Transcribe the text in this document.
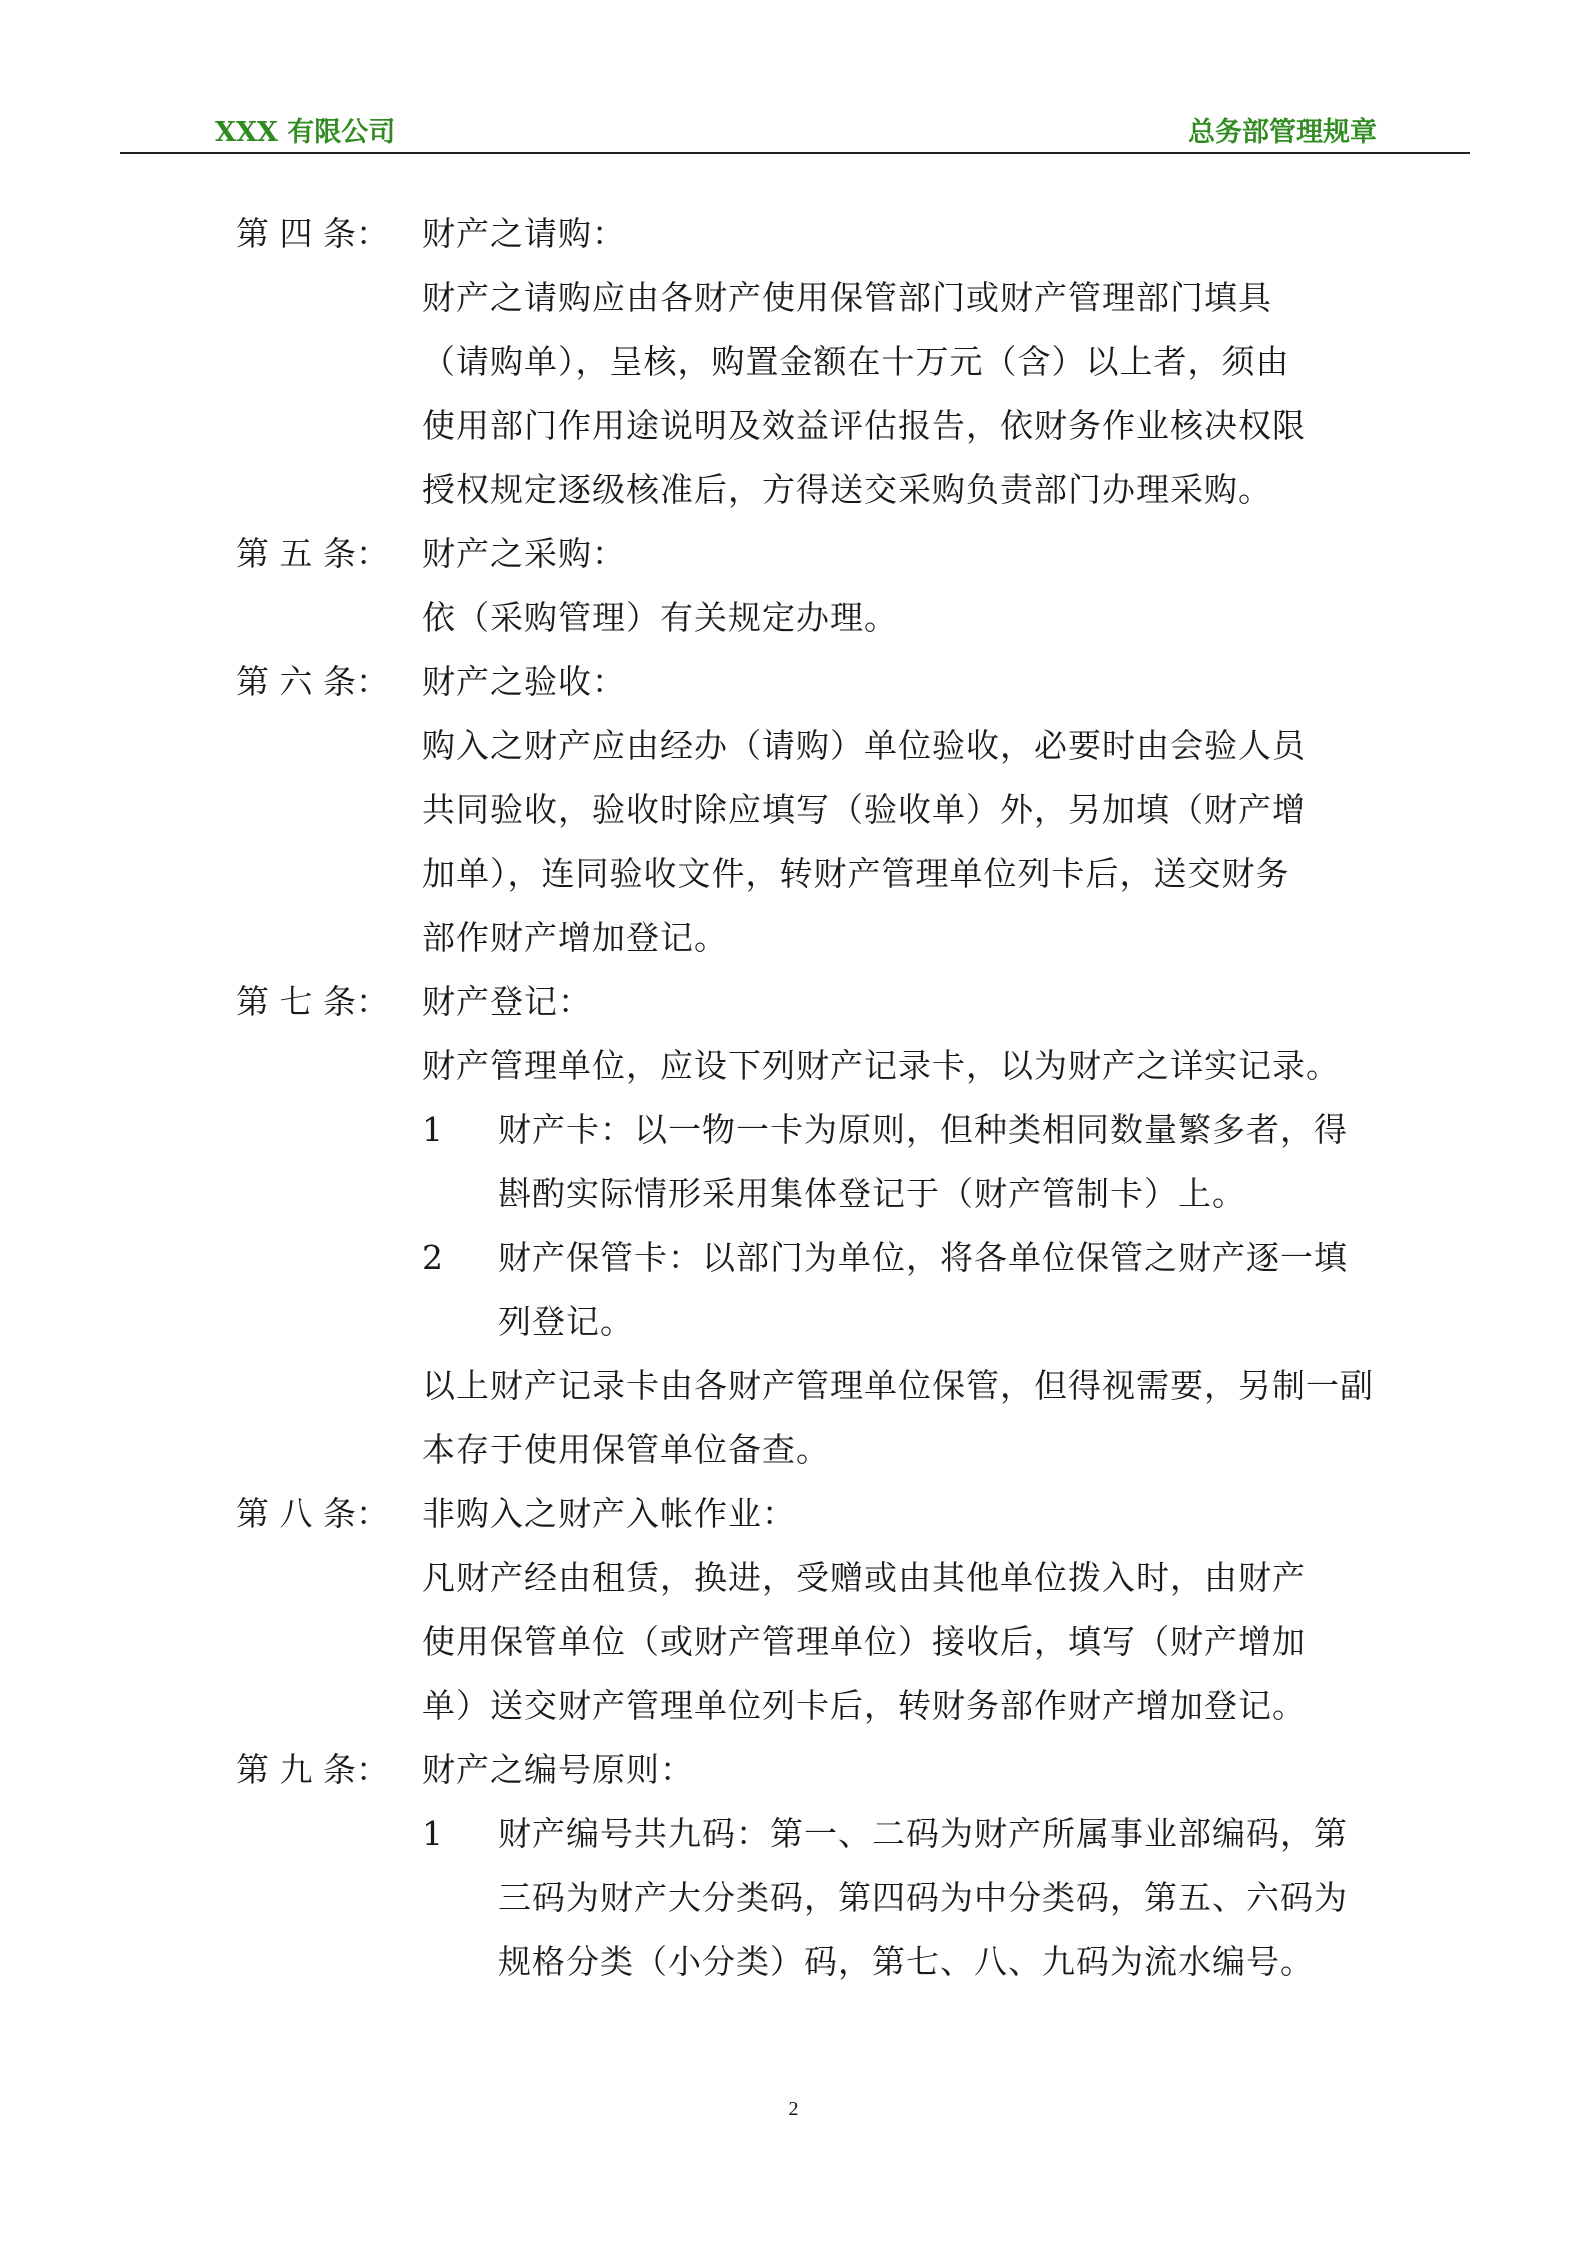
XXX 有限公司	总务部管理规章
第 四 条： 财产之请购：
财产之请购应由各财产使用保管部门或财产管理部门填具
（请购单），呈核，购置金额在十万元（含）以上者，须由
使用部门作用途说明及效益评估报告，依财务作业核决权限
授权规定逐级核准后，方得送交采购负责部门办理采购。
第 五 条： 财产之采购：
依（采购管理）有关规定办理。
第 六 条： 财产之验收：
购入之财产应由经办（请购）单位验收，必要时由会验人员
共同验收，验收时除应填写（验收单）外，另加填（财产增
加单），连同验收文件，转财产管理单位列卡后，送交财务
部作财产增加登记。
第 七 条： 财产登记：
财产管理单位，应设下列财产记录卡，以为财产之详实记录。
1 财产卡：以一物一卡为原则，但种类相同数量繁多者，得
斟酌实际情形采用集体登记于（财产管制卡）上。
2 财产保管卡：以部门为单位，将各单位保管之财产逐一填
列登记。
以上财产记录卡由各财产管理单位保管，但得视需要，另制一副
本存于使用保管单位备查。
第 八 条： 非购入之财产入帐作业：
凡财产经由租赁，换进，受赠或由其他单位拨入时，由财产
使用保管单位（或财产管理单位）接收后，填写（财产增加
单）送交财产管理单位列卡后，转财务部作财产增加登记。
第 九 条： 财产之编号原则：
1 财产编号共九码：第一、二码为财产所属事业部编码，第
三码为财产大分类码，第四码为中分类码，第五、六码为
规格分类（小分类）码，第七、八、九码为流水编号。
2
